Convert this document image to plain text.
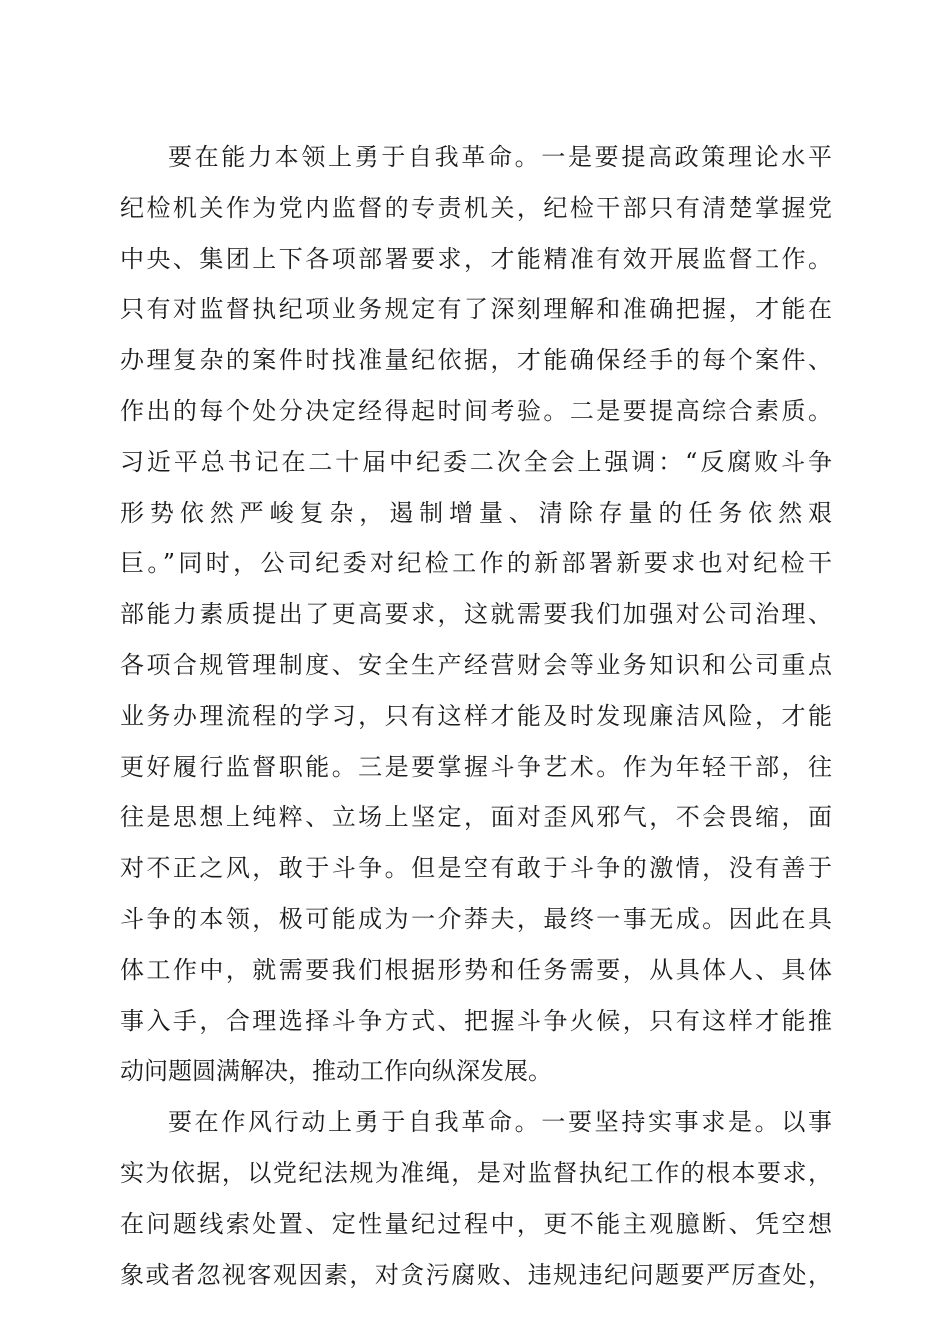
要在能力本领上勇于自我革命。一是要提高政策理论水平
纪检机关作为党内监督的专责机关，纪检干部只有清楚掌握党
中央、集团上下各项部署要求，才能精准有效开展监督工作。
只有对监督执纪项业务规定有了深刻理解和准确把握，才能在
办理复杂的案件时找准量纪依据，才能确保经手的每个案件、
作出的每个处分决定经得起时间考验。二是要提高综合素质。
习近平总书记在二十届中纪委二次全会上强调：“反腐败斗争
形势依然严峻复杂，遏制增量、清除存量的任务依然艰
巨。”同时，公司纪委对纪检工作的新部署新要求也对纪检干
部能力素质提出了更高要求，这就需要我们加强对公司治理、
各项合规管理制度、安全生产经营财会等业务知识和公司重点
业务办理流程的学习，只有这样才能及时发现廉洁风险，才能
更好履行监督职能。三是要掌握斗争艺术。作为年轻干部，往
往是思想上纯粹、立场上坚定，面对歪风邪气，不会畏缩，面
对不正之风，敢于斗争。但是空有敢于斗争的激情，没有善于
斗争的本领，极可能成为一介莽夫，最终一事无成。因此在具
体工作中，就需要我们根据形势和任务需要，从具体人、具体
事入手，合理选择斗争方式、把握斗争火候，只有这样才能推
动问题圆满解决，推动工作向纵深发展。
要在作风行动上勇于自我革命。一要坚持实事求是。以事
实为依据，以党纪法规为准绳，是对监督执纪工作的根本要求，
在问题线索处置、定性量纪过程中，更不能主观臆断、凭空想
象或者忽视客观因素，对贪污腐败、违规违纪问题要严厉查处，
